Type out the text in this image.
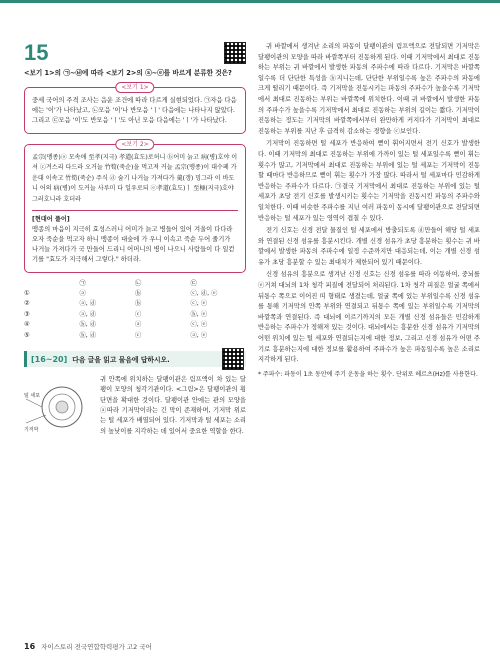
15
<보기 1>의 ㉠~㉥에 따라 <보기 2>의 ⓐ~ⓔ를 바르게 분류한 것은?
<보기 1>
중세 국어의 주격 조사는 음운 조건에 따라 다르게 실현되었다. ㉠자음 다음에는 '이'가 나타났고, ㉡모음 '이'나 반모음 'ㅣ' 다음에는 나타나지 않았다. 그리고 ㉢모음 '이'도 반모음 'ㅣ'도 아닌 모음 다음에는 'ㅣ'가 나타났다.
<보기 2>
孟宗(맹종)ⓐ 모속애 至孝(지극) 孝道(효도)로허니 ⓑ어미 늙고 病(병)호야 이셔 ⓒ겨스리 다드라 오거늘 竹筍(죽순)을 먹고져 커늘 孟宗(맹종)이 대수페 가 운대 이속고 竹筍(죽순) 주식 ⓓ 숨기 나거늘 가져다가 羹(갱) 밍그라 이 바도니 어의 病(병)이 도커늘 사루미 다 일우로되 ⓔ孝道(효도)ㅣ 至極(지극)호야 그러호니라 호더라
[현대어 풀이]
맹종의 마음이 지극히 효성스러니 어미가 늙고 병들어 있어 겨울이 다다라 오자 죽순을 먹고자 하니 맹종이 대숲에 가 우니 이속고 죽순 두어 줄기가 나거늘 가져다가 국 만들어 드리니 어머니의 병이 나으니 사람들이 다 일컫기를 "효도가 지극해서 그렇다." 하더라.
	㉠	㉡	㉢
①	ⓐ	ⓑ	ⓒ, ⓓ, ⓔ
②	ⓐ, ⓓ	ⓑ	ⓒ, ⓔ
③	ⓐ, ⓓ	ⓒ	ⓑ, ⓔ
④	ⓑ, ⓓ	ⓐ	ⓒ, ⓔ
⑤	ⓑ, ⓓ	ⓒ	ⓐ, ⓔ
[16~20] 다음 글을 읽고 물음에 답하시오.
털 세포
기저막
귀 안쪽에 위치하는 달팽이관은 림프액이 차 있는 달팽이 모양의 청각기관이다. <그림>은 달팽이관의 횡단면을 확대한 것이다. 달팽이관 안에는 관의 모양을 ⓐ따라 기저막이라는 긴 막이 존재하며, 기저막 위로는 털 세포가 배열되어 있다. 기저막과 털 세포는 소리의 높낮이를 지각하는 데 있어서 중요한 역할을 한다.

귀 바깥에서 생겨난 소리의 파동이 달팽이관의 림프액으로 전달되면 기저막은 달팽이관의 모양을 따라 바깥쪽부터 진동하게 된다. 이때 기저막에서 최대로 진동하는 부위는 귀 바깥에서 발생한 파동의 주파수에 따라 다르다. 기저막은 바깥쪽일수록 더 단단한 특성을 ⓑ지니는데, 단단한 부위일수록 높은 주파수의 파동에 크게 떨리기 때문이다. 즉 기저막을 진동시키는 파동의 주파수가 높을수록 기저막에서 최대로 진동하는 부위는 바깥쪽에 위치한다. 이때 귀 바깥에서 발생한 파동의 주파수가 높을수록 기저막에서 최대로 진동하는 부위의 길이는 짧다. 기저막이 진동하는 정도는 기저막의 바깥쪽에서부터 완만하게 커지다가 기저막이 최대로 진동하는 부위를 지난 후 급격히 감소하는 경향을 ⓒ보인다.

기저막이 진동하면 털 세포가 반응하여 뻗이 휘어지면서 전기 신호가 발생한다. 이때 기저막의 최대로 진동하는 부위에 가까이 있는 털 세포일수록 뻗이 휘는 횟수가 많고, 기저막에서 최대로 진동하는 부위에 있는 털 세포는 기저막이 진동할 때마다 반응하므로 뻗이 휘는 횟수가 가장 많다. 따라서 털 세포마다 민감하게 반응하는 주파수가 다르다. ㉠결국 기저막에서 최대로 진동하는 부위에 있는 털 세포가 초당 전기 신호를 발생시키는 횟수는 기저막을 진동시킨 파동의 주파수와 일치한다. 이때 비슷한 주파수를 지닌 여러 파동이 동시에 달팽이관으로 전달되면 반응하는 털 세포가 있는 영역이 겹칠 수 있다.

전기 신호는 신경 전달 물질인 털 세포에서 방출되도록 ⓓ만들어 해당 털 세포와 연결된 신경 섬유를 흥분시킨다. 개별 신경 섬유가 초당 흥분하는 횟수는 귀 바깥에서 발생한 파동의 주파수에 일정 수준까지만 대응되는데, 이는 개별 신경 섬유가 초당 흥분할 수 있는 최대치가 제한되어 있기 때문이다.

신경 섬유의 흥분으로 생겨난 신경 신호는 신경 섬유를 따라 이동하여, 중뇌를 ⓔ거쳐 대뇌의 1차 청각 피질에 전달되어 처리된다. 1차 청각 피질은 얼굴 쪽에서 뒤통수 쪽으로 이어진 띠 형태로 생겼는데, 얼굴 쪽에 있는 부위일수록 신경 섬유를 통해 기저막의 안쪽 부위와 연결되고 뒤통수 쪽에 있는 부위일수록 기저막의 바깥쪽과 연결된다. 즉 대뇌에 이르기까지의 모든 개별 신경 섬유들은 민감하게 반응하는 주파수가 정해져 있는 것이다. 대뇌에서는 흥분한 신경 섬유가 기저막의 어떤 위치에 있는 털 세포와 연결되는지에 대한 정보, 그리고 신경 섬유가 어떤 주기로 흥분하는지에 대한 정보를 활용하여 주파수가 높은 파동일수록 높은 소리로 지각하게 된다.

* 주파수: 파동이 1초 동안에 주기 운동을 하는 횟수. 단위로 헤르츠(Hz)를 사용한다.
16 자이스토리 전국연합학력평가 고2 국어
